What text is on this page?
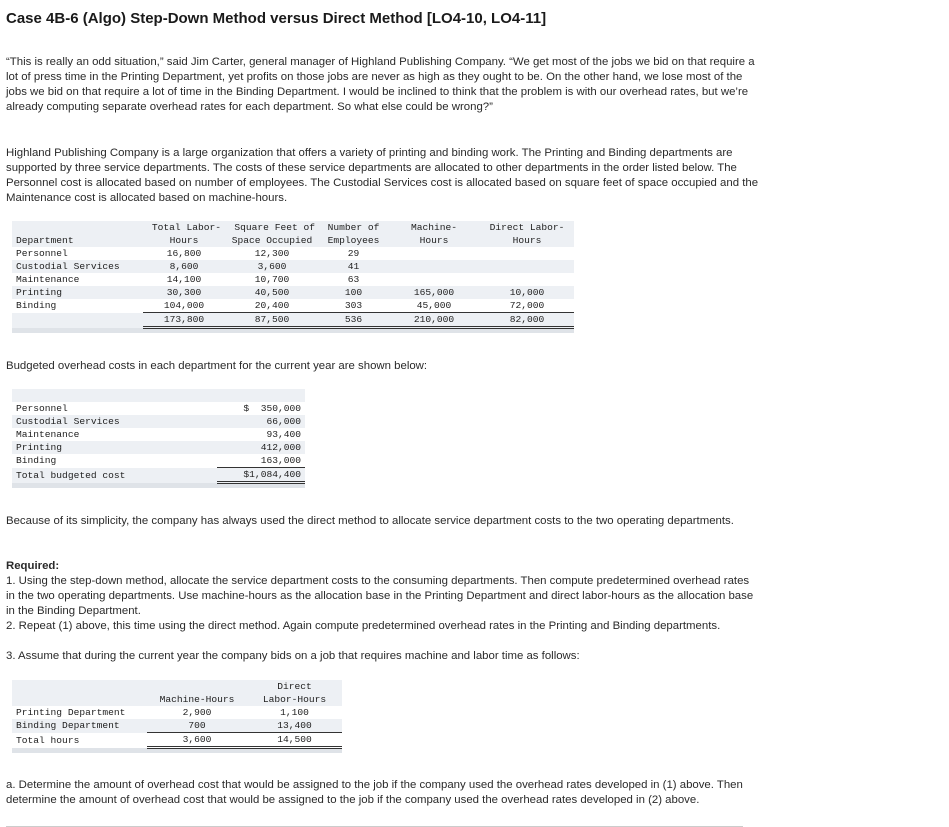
Case 4B-6 (Algo) Step-Down Method versus Direct Method [LO4-10, LO4-11]
“This is really an odd situation,” said Jim Carter, general manager of Highland Publishing Company. “We get most of the jobs we bid on that require a lot of press time in the Printing Department, yet profits on those jobs are never as high as they ought to be. On the other hand, we lose most of the jobs we bid on that require a lot of time in the Binding Department. I would be inclined to think that the problem is with our overhead rates, but we’re already computing separate overhead rates for each department. So what else could be wrong?”
Highland Publishing Company is a large organization that offers a variety of printing and binding work. The Printing and Binding departments are supported by three service departments. The costs of these service departments are allocated to other departments in the order listed below. The Personnel cost is allocated based on number of employees. The Custodial Services cost is allocated based on square feet of space occupied and the Maintenance cost is allocated based on machine-hours.
	Total Labor-	Square Feet of	Number of	Machine-	Direct Labor-
Department	Hours	Space Occupied	Employees	Hours	Hours
Personnel	16,800	12,300	29		
Custodial Services	8,600	3,600	41		
Maintenance	14,100	10,700	63		
Printing	30,300	40,500	100	165,000	10,000
Binding	104,000	20,400	303	45,000	72,000
	173,800	87,500	536	210,000	82,000

Budgeted overhead costs in each department for the current year are shown below:

Personnel	$  350,000
Custodial Services	66,000
Maintenance	93,400
Printing	412,000
Binding	163,000
Total budgeted cost	$1,084,400

Because of its simplicity, the company has always used the direct method to allocate service department costs to the two operating departments.
Required:
1. Using the step-down method, allocate the service department costs to the consuming departments. Then compute predetermined overhead rates in the two operating departments. Use machine-hours as the allocation base in the Printing Department and direct labor-hours as the allocation base in the Binding Department.
2. Repeat (1) above, this time using the direct method. Again compute predetermined overhead rates in the Printing and Binding departments.
3. Assume that during the current year the company bids on a job that requires machine and labor time as follows:
		Direct
	Machine-Hours	Labor-Hours
Printing Department	2,900	1,100
Binding Department	700	13,400
Total hours	3,600	14,500

a. Determine the amount of overhead cost that would be assigned to the job if the company used the overhead rates developed in (1) above. Then determine the amount of overhead cost that would be assigned to the job if the company used the overhead rates developed in (2) above.
